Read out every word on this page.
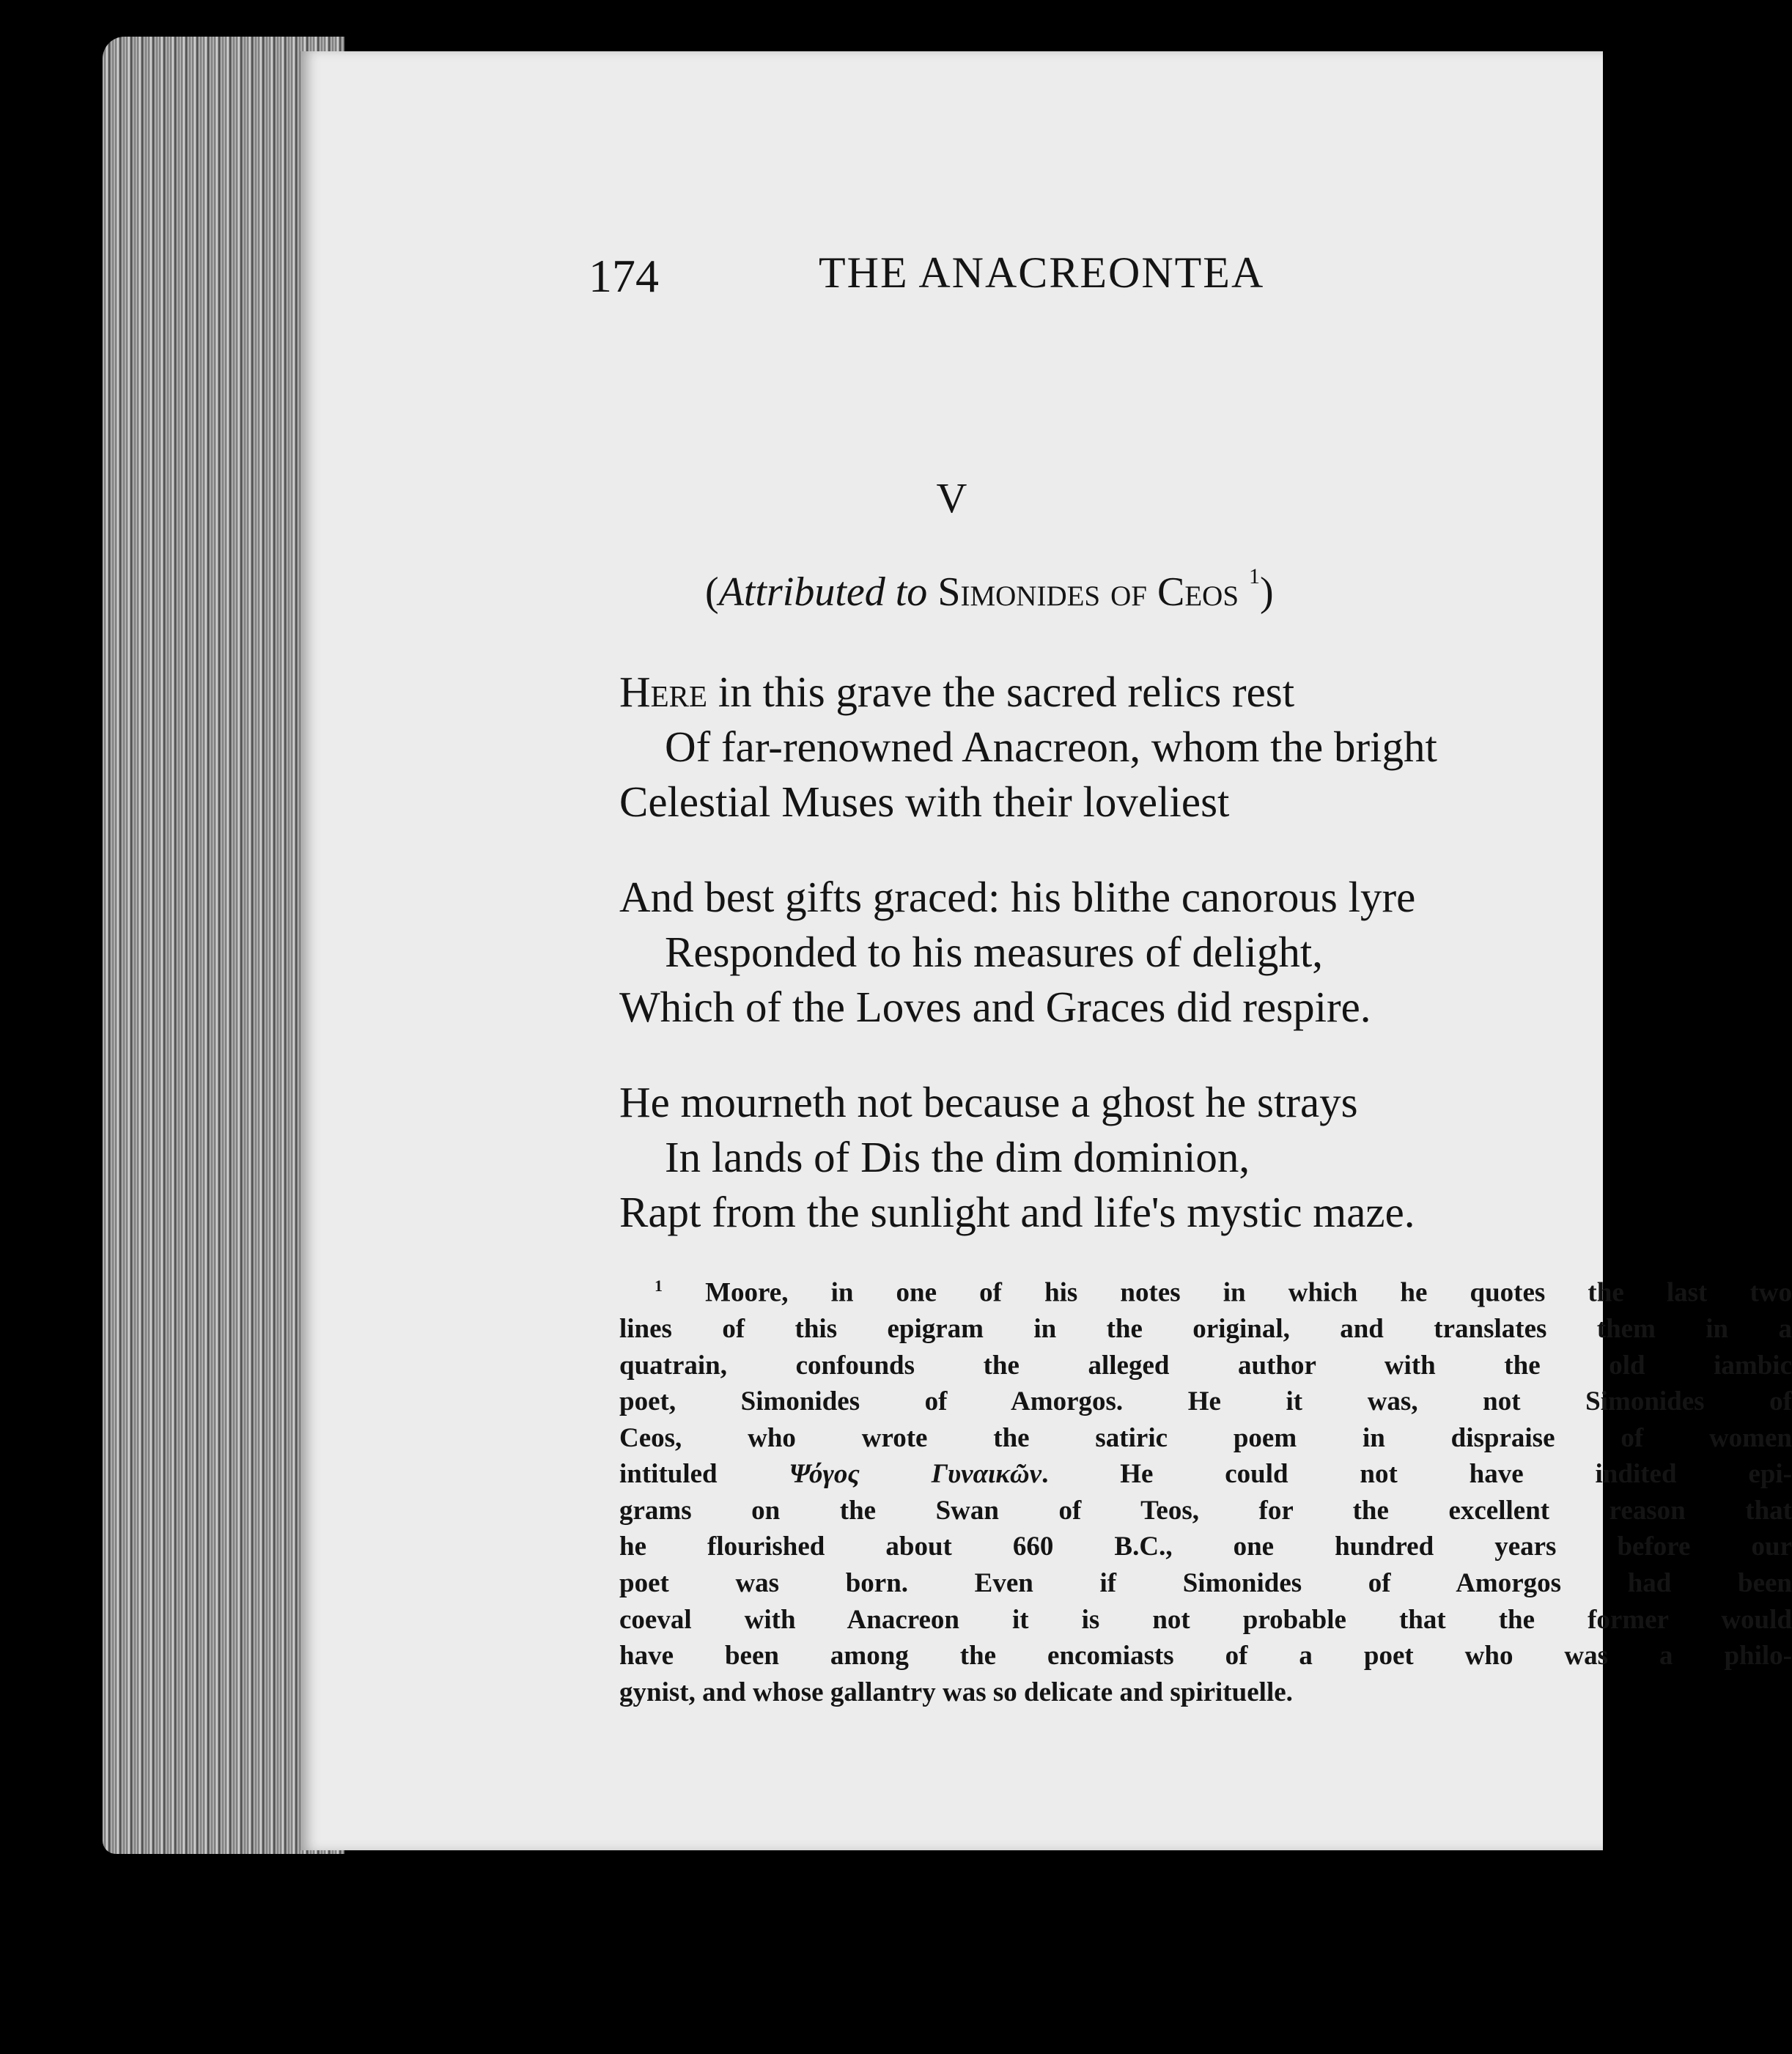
174	THE ANACREONTEA
V
(Attributed to Simonides of Ceos $^1$)
Here in this grave the sacred relics rest
Of far-renowned Anacreon, whom the bright
Celestial Muses with their loveliest
And best gifts graced: his blithe canorous lyre
Responded to his measures of delight,
Which of the Loves and Graces did respire.
He mourneth not because a ghost he strays
In lands of Dis the dim dominion,
Rapt from the sunlight and life's mystic maze.
$^1$ Moore, in one of his notes in which he quotes the last two
lines of this epigram in the original, and translates them in a
quatrain, confounds the alleged author with the old iambic
poet, Simonides of Amorgos. He it was, not Simonides of
Ceos, who wrote the satiric poem in dispraise of women
intituled Ψόγος Γυναικῶν. He could not have indited epi-
grams on the Swan of Teos, for the excellent reason that
he flourished about 660 B.C., one hundred years before our
poet was born. Even if Simonides of Amorgos had been
coeval with Anacreon it is not probable that the former would
have been among the encomiasts of a poet who was a philo-
gynist, and whose gallantry was so delicate and spirituelle.
